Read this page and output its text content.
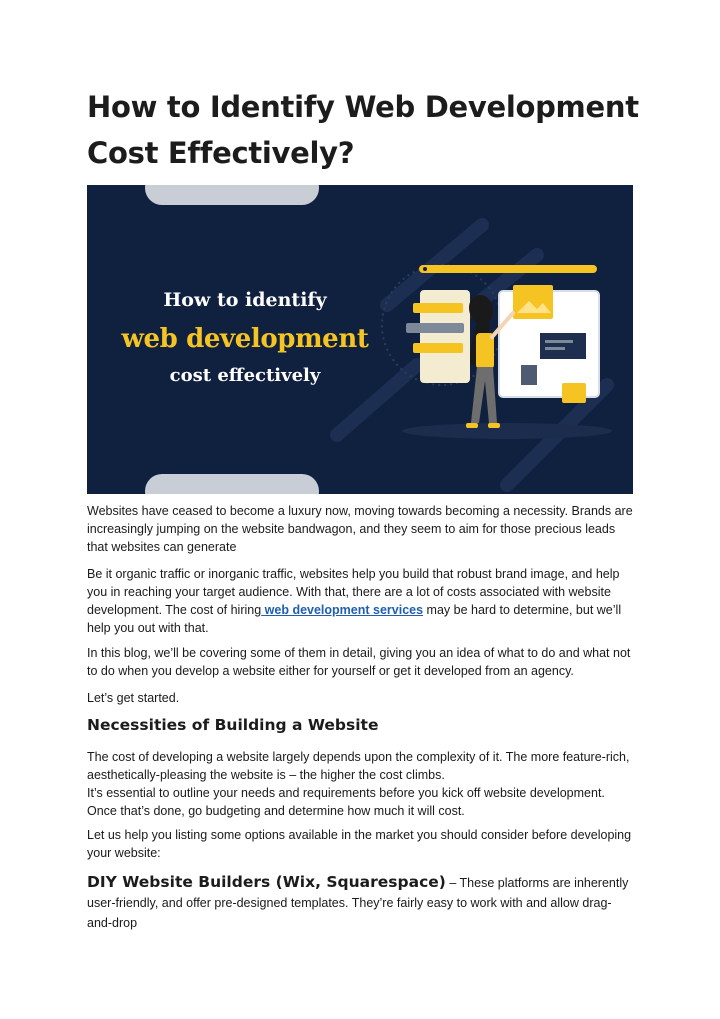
How to Identify Web Development Cost Effectively?
How to identify
web development
cost effectively

Websites have ceased to become a luxury now, moving towards becoming a necessity. Brands are increasingly jumping on the website bandwagon, and they seem to aim for those precious leads that websites can generate

Be it organic traffic or inorganic traffic, websites help you build that robust brand image, and help you in reaching your target audience. With that, there are a lot of costs associated with website development. The cost of hiring web development services may be hard to determine, but we’ll help you out with that.

In this blog, we’ll be covering some of them in detail, giving you an idea of what to do and what not to do when you develop a website either for yourself or get it developed from an agency.

Let’s get started.

Necessities of Building a Website

The cost of developing a website largely depends upon the complexity of it. The more feature-rich, aesthetically-pleasing the website is – the higher the cost climbs.
It’s essential to outline your needs and requirements before you kick off website development. Once that’s done, go budgeting and determine how much it will cost.

Let us help you listing some options available in the market you should consider before developing your website:

DIY Website Builders (Wix, Squarespace) – These platforms are inherently user-friendly, and offer pre-designed templates. They’re fairly easy to work with and allow drag-and-drop
